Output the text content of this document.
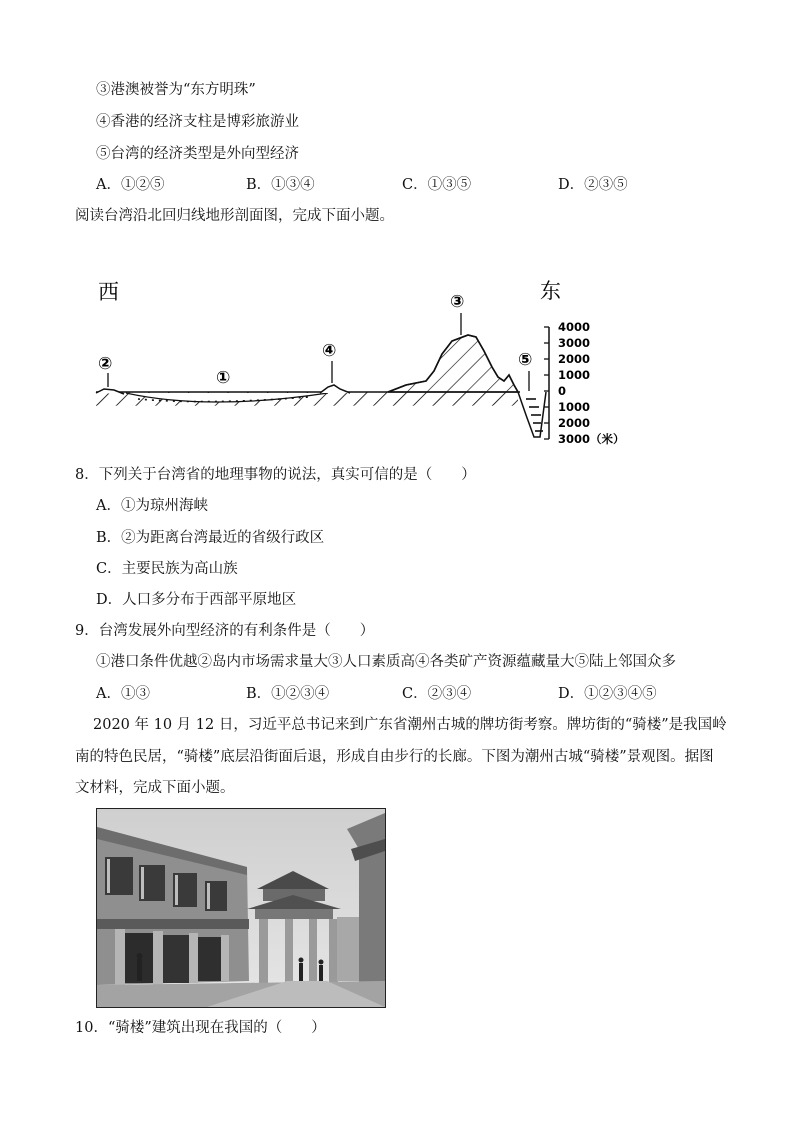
③港澳被誉为“东方明珠”
④香港的经济支柱是博彩旅游业
⑤台湾的经济类型是外向型经济
A．①②⑤	B．①③④	C．①③⑤	D．②③⑤
阅读台湾沿北回归线地形剖面图，完成下面小题。
西	东
4000
3000
2000
1000
0
1000
2000
3000（米）
②
①
④
③
⑤
8．下列关于台湾省的地理事物的说法，真实可信的是（　　）
A．①为琼州海峡
B．②为距离台湾最近的省级行政区
C．主要民族为高山族
D．人口多分布于西部平原地区
9．台湾发展外向型经济的有利条件是（　　）
①港口条件优越②岛内市场需求量大③人口素质高④各类矿产资源蕴藏量大⑤陆上邻国众多
A．①③	B．①②③④	C．②③④	D．①②③④⑤
2020 年 10 月 12 日，习近平总书记来到广东省潮州古城的牌坊街考察。牌坊街的“骑楼”是我国岭
南的特色民居，“骑楼”底层沿街面后退，形成自由步行的长廊。下图为潮州古城“骑楼”景观图。据图
文材料，完成下面小题。
10．“骑楼”建筑出现在我国的（　　）
